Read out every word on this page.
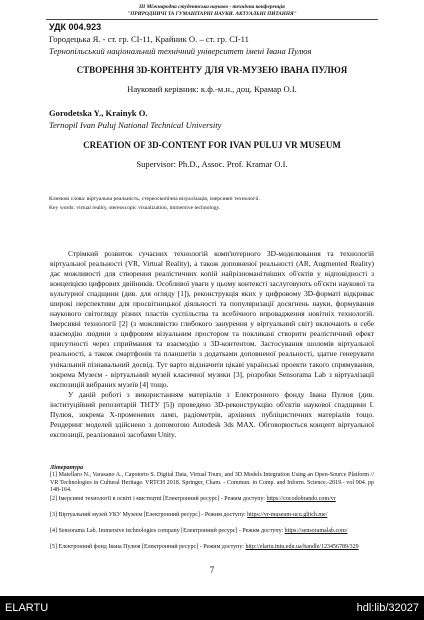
III Міжнародна студентська науково - технічна конференція
"ПРИРОДНИЧІ ТА ГУМАНІТАРНІ НАУКИ. АКТУАЛЬНІ ПИТАННЯ"
УДК 004.923
Городецька Я. - ст. гр. СІ-11, Крайник О. – ст. гр. СІ-11
Тернопільський національний технічний університет імені Івана Пулюя
СТВОРЕННЯ 3D-КОНТЕНТУ ДЛЯ VR-МУЗЕЮ ІВАНА ПУЛЮЯ
Науковий керівник: к.ф.-м.н., доц. Крамар О.І.
Gorodetska Y., Krainyk O.
Ternopil Ivan Puluj National Technical University
CREATION OF 3D-CONTENT FOR IVAN PULUJ VR MUSEUM
Supervisor: Ph.D., Assoc. Prof. Kramar O.I.
Ключові слова: віртуальна реальність, стереоскопічна візуалізація, імерсивні технології.
Key words: virtual reality, stereoscopic visualization, immersive technology.

Стрімкий розвиток сучасних технологій комп'ютерного 3D-моделювання та технологій віртуальної реальності (VR, Virtual Reality), а також доповненої реальності (AR, Augmented Reality) дає можливості для створення реалістичних копій найрізноманітніших об'єктів у відповідності з концепцією цифрових двійників. Особливої уваги у цьому контексті заслуговують об'єкти наукової та культурної спадщини (див. для огляду [1]), реконструкція яких у цифровому 3D-форматі відкриває широкі перспективи для просвітницької діяльності та популяризації досягнень науки, формування наукового світогляду різних пластів суспільства та всебічного впровадження новітніх технологій. Імерсивні технології [2] (з можливістю глибокого занурення у віртуальний світ) включають в себе взаємодію людини з цифровим візуальним простором та покликані створити реалістичний ефект присутності через сприймання та взаємодію з 3D-контентом. Застосування шоломів віртуальної реальності, а також смартфонів та планшетів з додатками доповненої реальності, здатне генерувати унікальний пізнавальний досвід. Тут варто відзначити цікаві українські проекти такого спрямування, зокрема Музеєм - віртуальний музей класичної музики [3], розробки Sensorama Lab з віртуалізації експозицій вибраних музеїв [4] тощо.

У даній роботі з використанням матеріалів з Електронного фонду Івана Пулюя (див. інституційний репозитарій ТНТУ [5]) проведено 3D-реконструкцію об'єктів наукової спадщини І. Пулюя, зокрема Х-променевих ламп, радіометрів, архівних публіцистичних матеріалів тощо. Рендеринг моделей здійснено з допомогою Autodesk 3ds MAX. Обговорюється концепт віртуальної експозиції, реалізованої засобами Unity.

Література

[1] Maiellaro N., Varasano A., Capotorto S. Digital Data, Virtual Tours, and 3D Models Integration Using an Open-Source Platform // VR Technologies in Cultural Heritage. VRTCH 2018. Springer, Cham. - Commun. in Comp. and Inform. Science.-2019.- vol 904. pp 148-164.

[2] Імерсивні технології в освіті і мистецтві [Електронний ресурс] - Режим доступу: https://cocodobrando.com/vr

[3] Віртуальний музей УКУ Музеєм [Електронний ресурс] - Режим доступу: https://vr-museum-ucu.glitch.me/

[4] Sensorama Lab. Immersive technologies company [Електронний ресурс] - Режим доступу: https://sensoramalab.com/

[5] Електронний фонд Івана Пулюя [Електронний ресурс] - Режим доступу: http://elartu.tntu.edu.ua/handle/123456789/329

7
ELARTU	hdl:lib/32027
